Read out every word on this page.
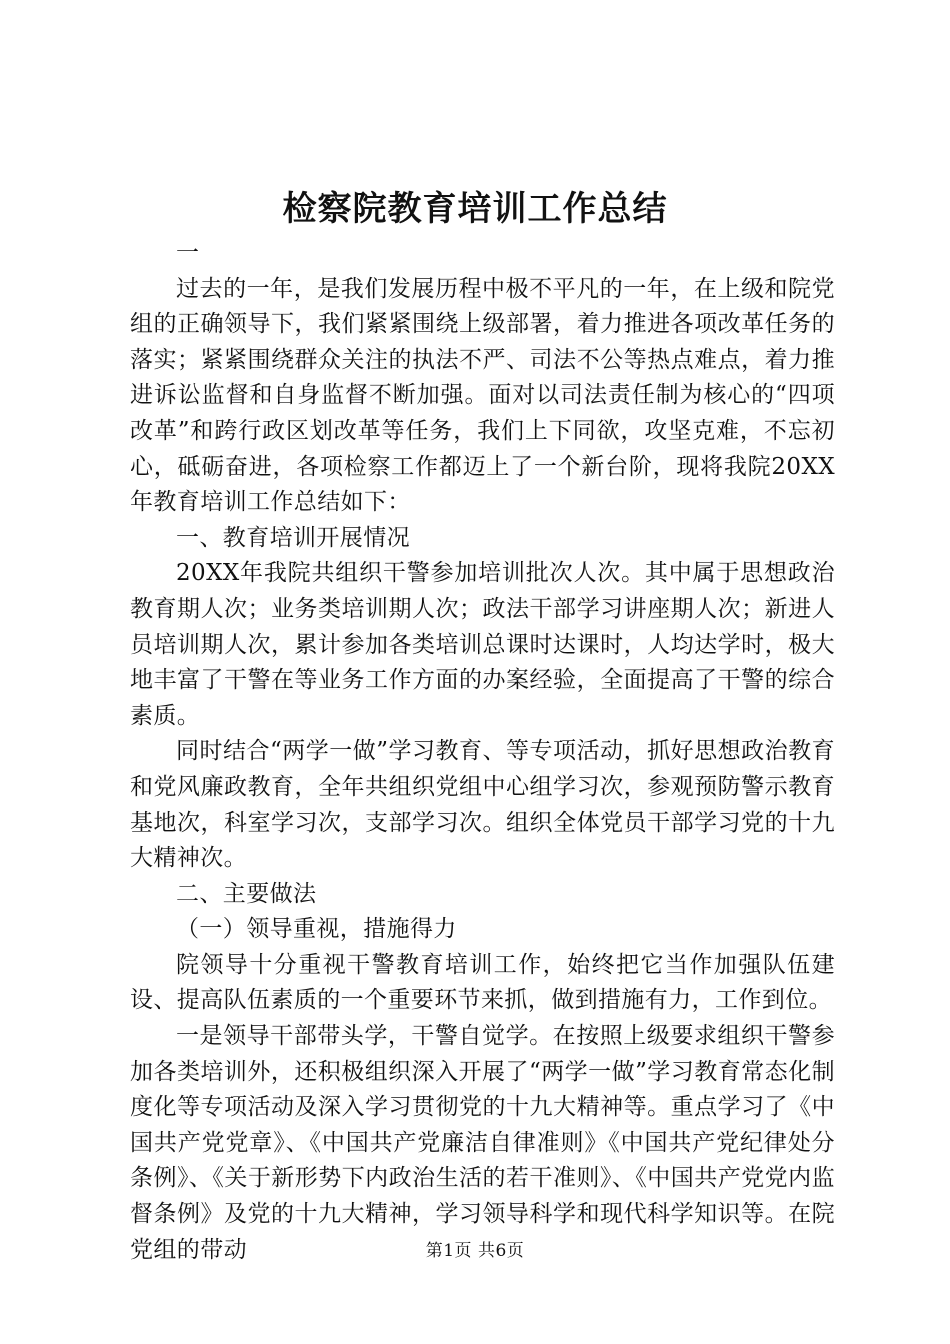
检察院教育培训工作总结

一

过去的一年，是我们发展历程中极不平凡的一年，在上级和院党组的正确领导下，我们紧紧围绕上级部署，着力推进各项改革任务的落实；紧紧围绕群众关注的执法不严、司法不公等热点难点，着力推进诉讼监督和自身监督不断加强。面对以司法责任制为核心的“四项改革”和跨行政区划改革等任务，我们上下同欲，攻坚克难，不忘初心，砥砺奋进，各项检察工作都迈上了一个新台阶，现将我院20XX年教育培训工作总结如下：

一、教育培训开展情况

20XX年我院共组织干警参加培训批次人次。其中属于思想政治教育期人次；业务类培训期人次；政法干部学习讲座期人次；新进人员培训期人次，累计参加各类培训总课时达课时，人均达学时，极大地丰富了干警在等业务工作方面的办案经验，全面提高了干警的综合素质。

同时结合“两学一做”学习教育、等专项活动，抓好思想政治教育和党风廉政教育，全年共组织党组中心组学习次，参观预防警示教育基地次，科室学习次，支部学习次。组织全体党员干部学习党的十九大精神次。

二、主要做法

（一）领导重视，措施得力

院领导十分重视干警教育培训工作，始终把它当作加强队伍建设、提高队伍素质的一个重要环节来抓，做到措施有力，工作到位。

一是领导干部带头学，干警自觉学。在按照上级要求组织干警参加各类培训外，还积极组织深入开展了“两学一做”学习教育常态化制度化等专项活动及深入学习贯彻党的十九大精神等。重点学习了《中国共产党党章》、《中国共产党廉洁自律准则》《中国共产党纪律处分条例》、《关于新形势下内政治生活的若干准则》、《中国共产党党内监督条例》及党的十九大精神，学习领导科学和现代科学知识等。在院党组的带动	第1页 共6页
